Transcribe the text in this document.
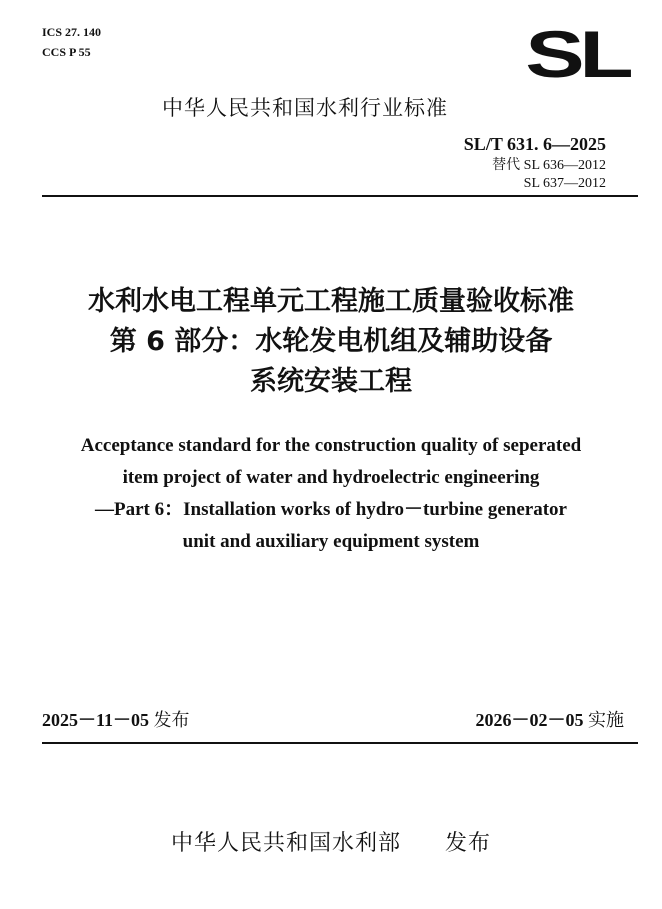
ICS 27. 140
CCS P 55	SL
中华人民共和国水利行业标准
SL/T 631. 6—2025
替代 SL 636—2012
SL 637—2012
水利水电工程单元工程施工质量验收标准
第 6 部分：水轮发电机组及辅助设备
系统安装工程
Acceptance standard for the construction quality of seperated
item project of water and hydroelectric engineering
—Part 6：Installation works of hydro－turbine generator
unit and auxiliary equipment system
2025－11－05 发布	2026－02－05 实施
中华人民共和国水利部 发布
